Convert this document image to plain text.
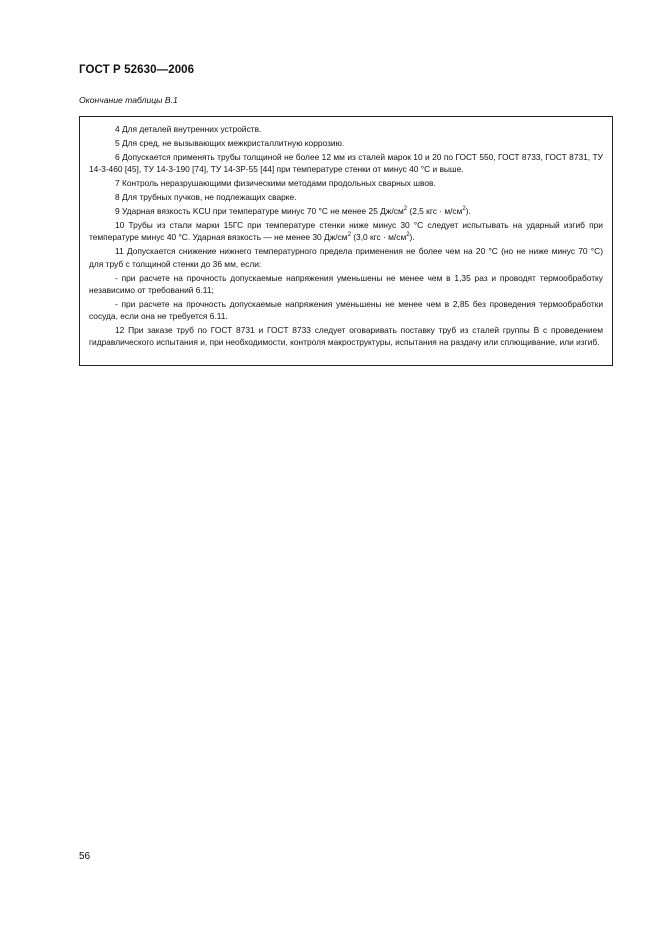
ГОСТ Р 52630—2006
Окончание таблицы В.1

4 Для деталей внутренних устройств.

5 Для сред, не вызывающих межкристаллитную коррозию.

6 Допускается применять трубы толщиной не более 12 мм из сталей марок 10 и 20 по ГОСТ 550, ГОСТ 8733, ГОСТ 8731, ТУ 14-3-460 [45], ТУ 14-3-190 [74], ТУ 14-3Р-55 [44] при температуре стенки от минус 40 °С и выше.

7 Контроль неразрушающими физическими методами продольных сварных швов.

8 Для трубных пучков, не подлежащих сварке.

9 Ударная вязкость KCU при температуре минус 70 °С не менее 25 $Дж/см^2$ (2,5 кгс · $м/см^2$).

10 Трубы из стали марки 15ГС при температуре стенки ниже минус 30 °С следует испытывать на ударный изгиб при температуре минус 40 °С. Ударная вязкость — не менее 30 $Дж/см^2$ (3,0 кгс · $м/см^2$).

11 Допускается снижение нижнего температурного предела применения не более чем на 20 °С (но не ниже минус 70 °С) для труб с толщиной стенки до 36 мм, если:

- при расчете на прочность допускаемые напряжения уменьшены не менее чем в 1,35 раз и проводят термообработку независимо от требований 6.11;

- при расчете на прочность допускаемые напряжения уменьшены не менее чем в 2,85 без проведения термообработки сосуда, если она не требуется 6.11.

12 При заказе труб по ГОСТ 8731 и ГОСТ 8733 следует оговаривать поставку труб из сталей группы В с проведением гидравлического испытания и, при необходимости, контроля макроструктуры, испытания на раздачу или сплющивание, или изгиб.

56
